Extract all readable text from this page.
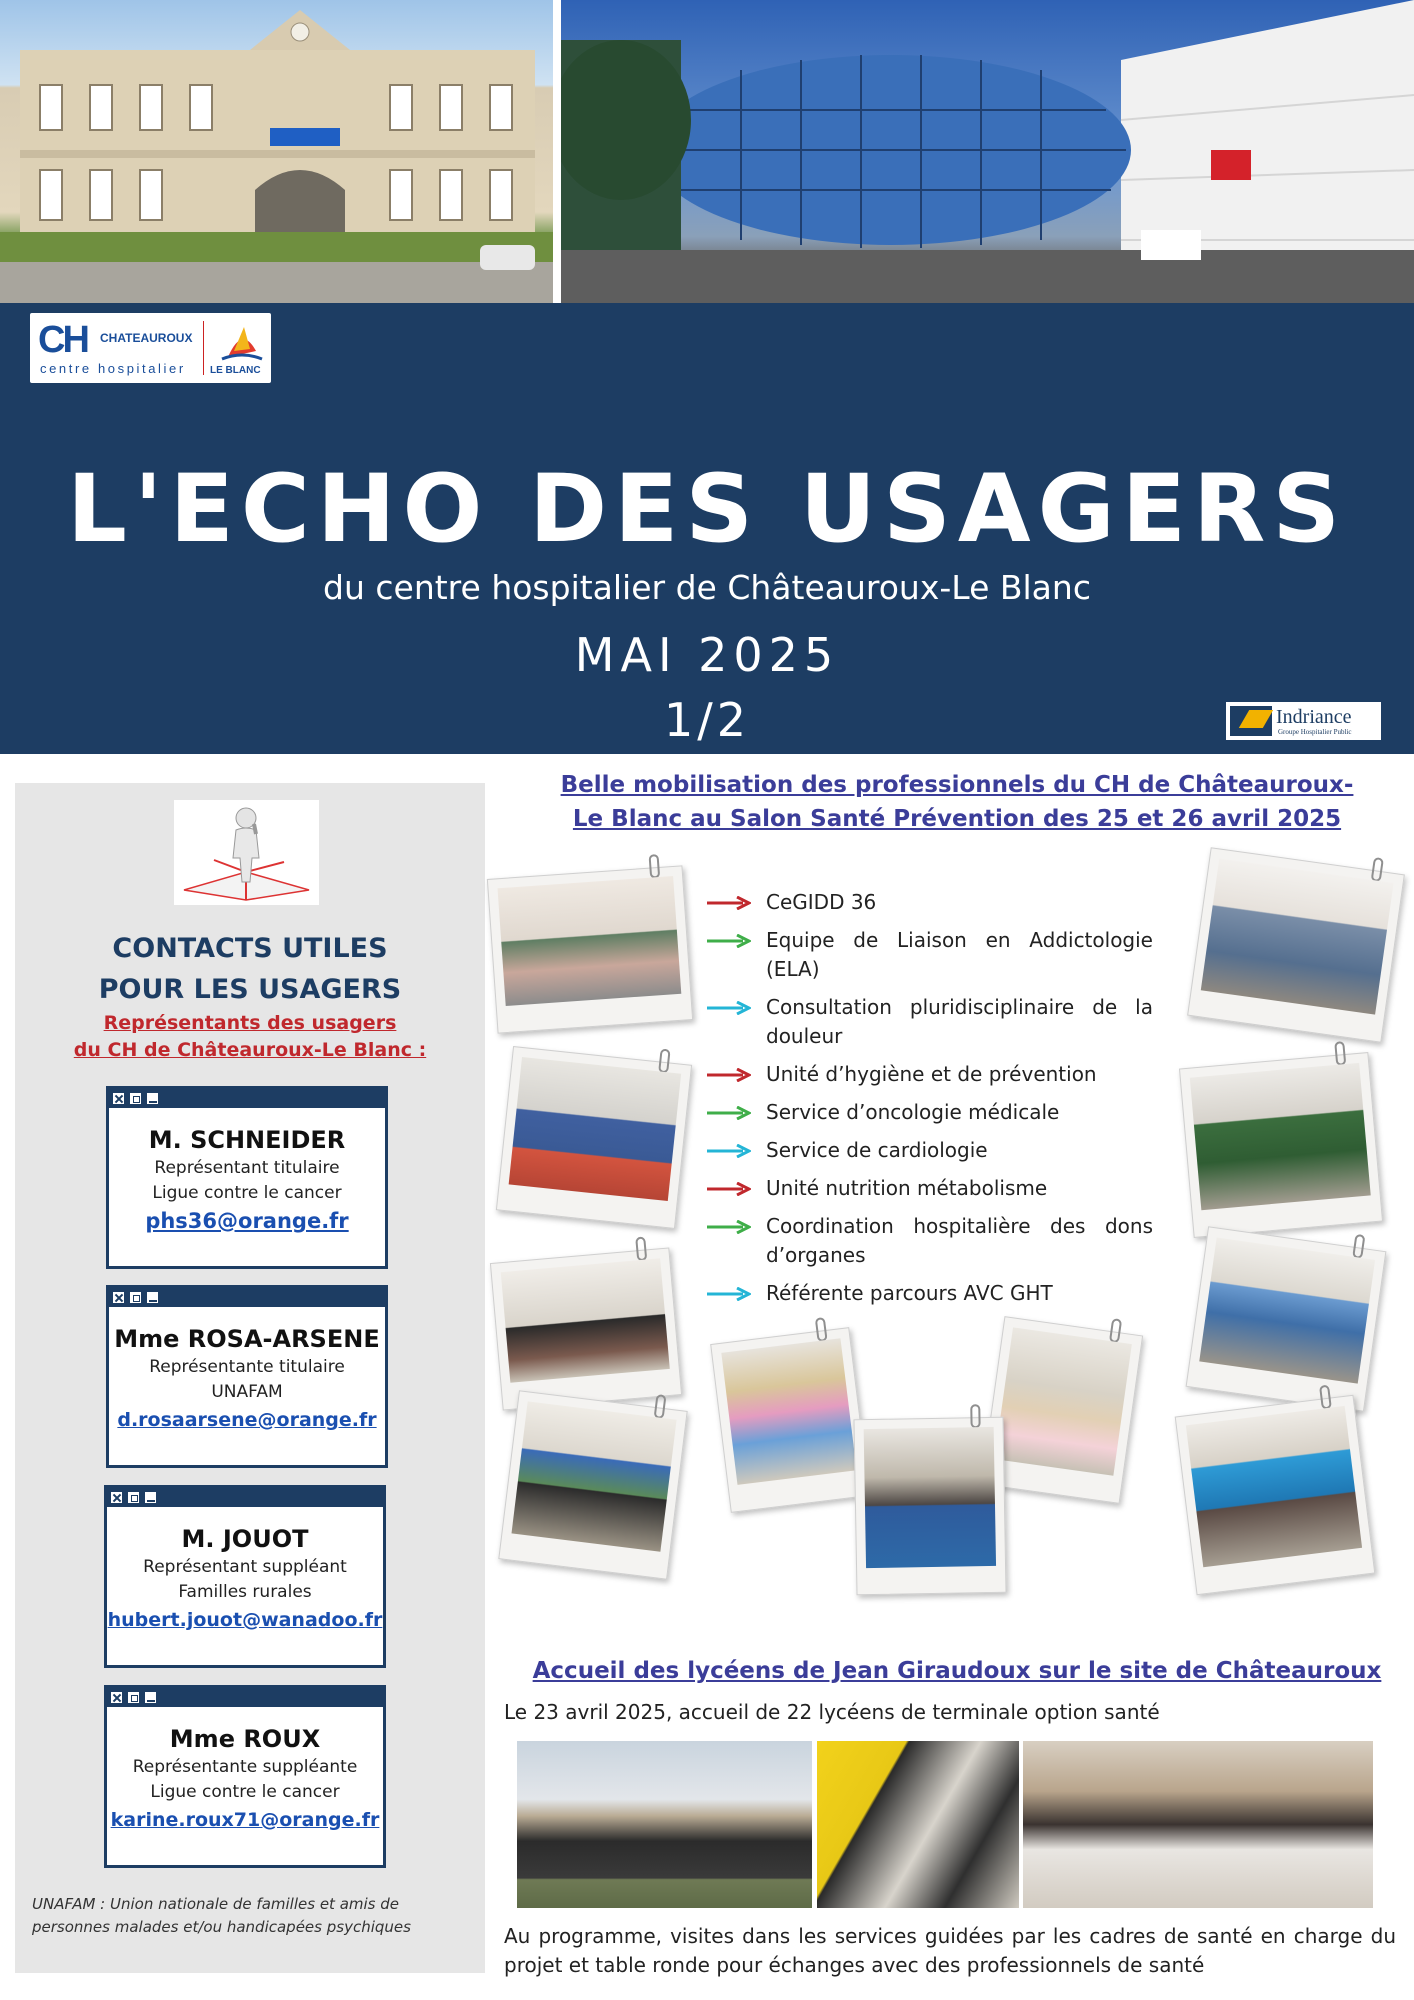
CH CHATEAUROUX
centre hospitalier LE BLANC
L'ECHO DES USAGERS
du centre hospitalier de Châteauroux-Le Blanc
MAI 2025
1/2	Indriance
Groupe Hospitalier Public
CONTACTS UTILES
POUR LES USAGERS
Représentants des usagers
du CH de Châteauroux-Le Blanc :
M. SCHNEIDER
Représentant titulaire
Ligue contre le cancer
phs36@orange.fr
Mme ROSA-ARSENE
Représentante titulaire
UNAFAM
d.rosaarsene@orange.fr
M. JOUOT
Représentant suppléant
Familles rurales
hubert.jouot@wanadoo.fr
Mme ROUX
Représentante suppléante
Ligue contre le cancer
karine.roux71@orange.fr
UNAFAM : Union nationale de familles et amis de personnes malades et/ou handicapées psychiques
Belle mobilisation des professionnels du CH de Châteauroux-
Le Blanc au Salon Santé Prévention des 25 et 26 avril 2025
CeGIDD 36
Equipe de Liaison en Addictologie (ELA)
Consultation pluridisciplinaire de la douleur
Unité d’hygiène et de prévention
Service d’oncologie médicale
Service de cardiologie
Unité nutrition métabolisme
Coordination hospitalière des dons d’organes
Référente parcours AVC GHT
Accueil des lycéens de Jean Giraudoux sur le site de Châteauroux
Le 23 avril 2025, accueil de 22 lycéens de terminale option santé
Au programme, visites dans les services guidées par les cadres de santé en charge du projet et table ronde pour échanges avec des professionnels de santé
